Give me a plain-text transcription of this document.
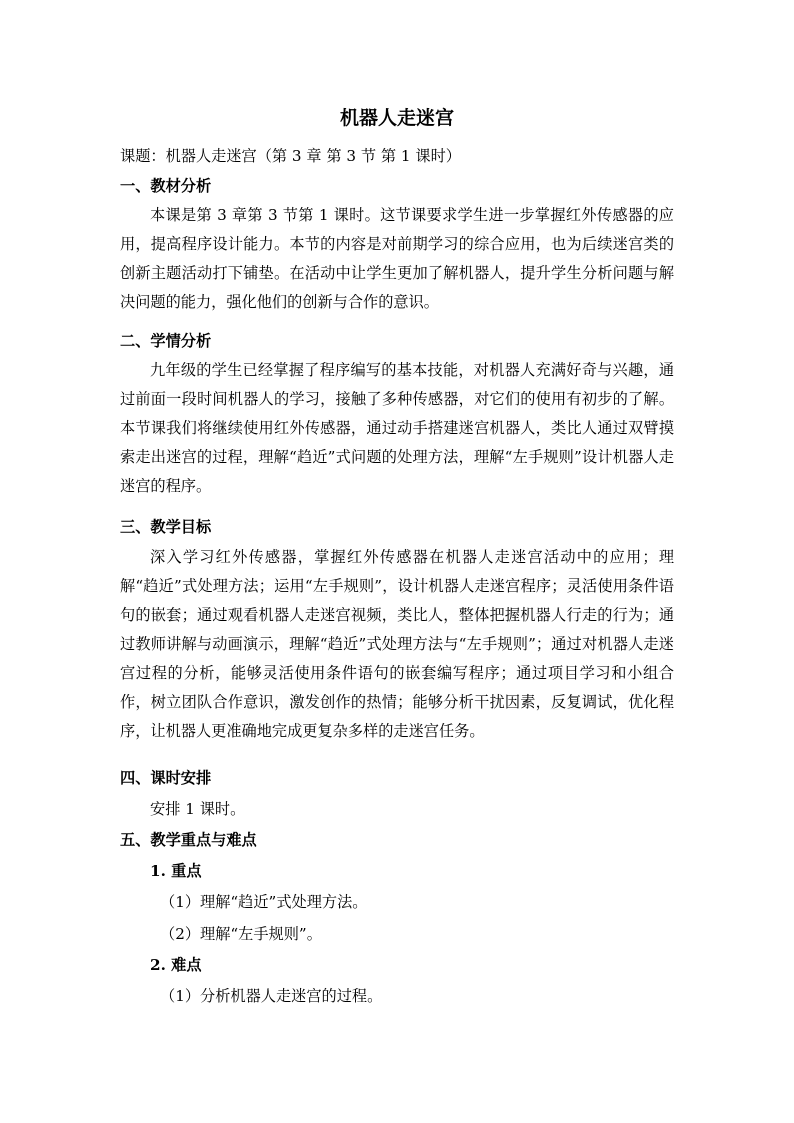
机器人走迷宫
课题：机器人走迷宫（第 3 章 第 3 节 第 1 课时）
一、教材分析
本课是第 3 章第 3 节第 1 课时。这节课要求学生进一步掌握红外传感器的应用，提高程序设计能力。本节的内容是对前期学习的综合应用，也为后续迷宫类的创新主题活动打下铺垫。在活动中让学生更加了解机器人，提升学生分析问题与解决问题的能力，强化他们的创新与合作的意识。
二、学情分析
九年级的学生已经掌握了程序编写的基本技能，对机器人充满好奇与兴趣，通过前面一段时间机器人的学习，接触了多种传感器，对它们的使用有初步的了解。本节课我们将继续使用红外传感器，通过动手搭建迷宫机器人，类比人通过双臂摸索走出迷宫的过程，理解“趋近”式问题的处理方法，理解“左手规则”设计机器人走迷宫的程序。
三、教学目标
深入学习红外传感器，掌握红外传感器在机器人走迷宫活动中的应用；理解“趋近”式处理方法；运用“左手规则”，设计机器人走迷宫程序；灵活使用条件语句的嵌套；通过观看机器人走迷宫视频，类比人，整体把握机器人行走的行为；通过教师讲解与动画演示，理解“趋近”式处理方法与“左手规则”；通过对机器人走迷宫过程的分析，能够灵活使用条件语句的嵌套编写程序；通过项目学习和小组合作，树立团队合作意识，激发创作的热情；能够分析干扰因素，反复调试，优化程序，让机器人更准确地完成更复杂多样的走迷宫任务。
四、课时安排
安排 1 课时。
五、教学重点与难点
1. 重点
（1）理解“趋近”式处理方法。
（2）理解“左手规则”。
2. 难点
（1）分析机器人走迷宫的过程。
